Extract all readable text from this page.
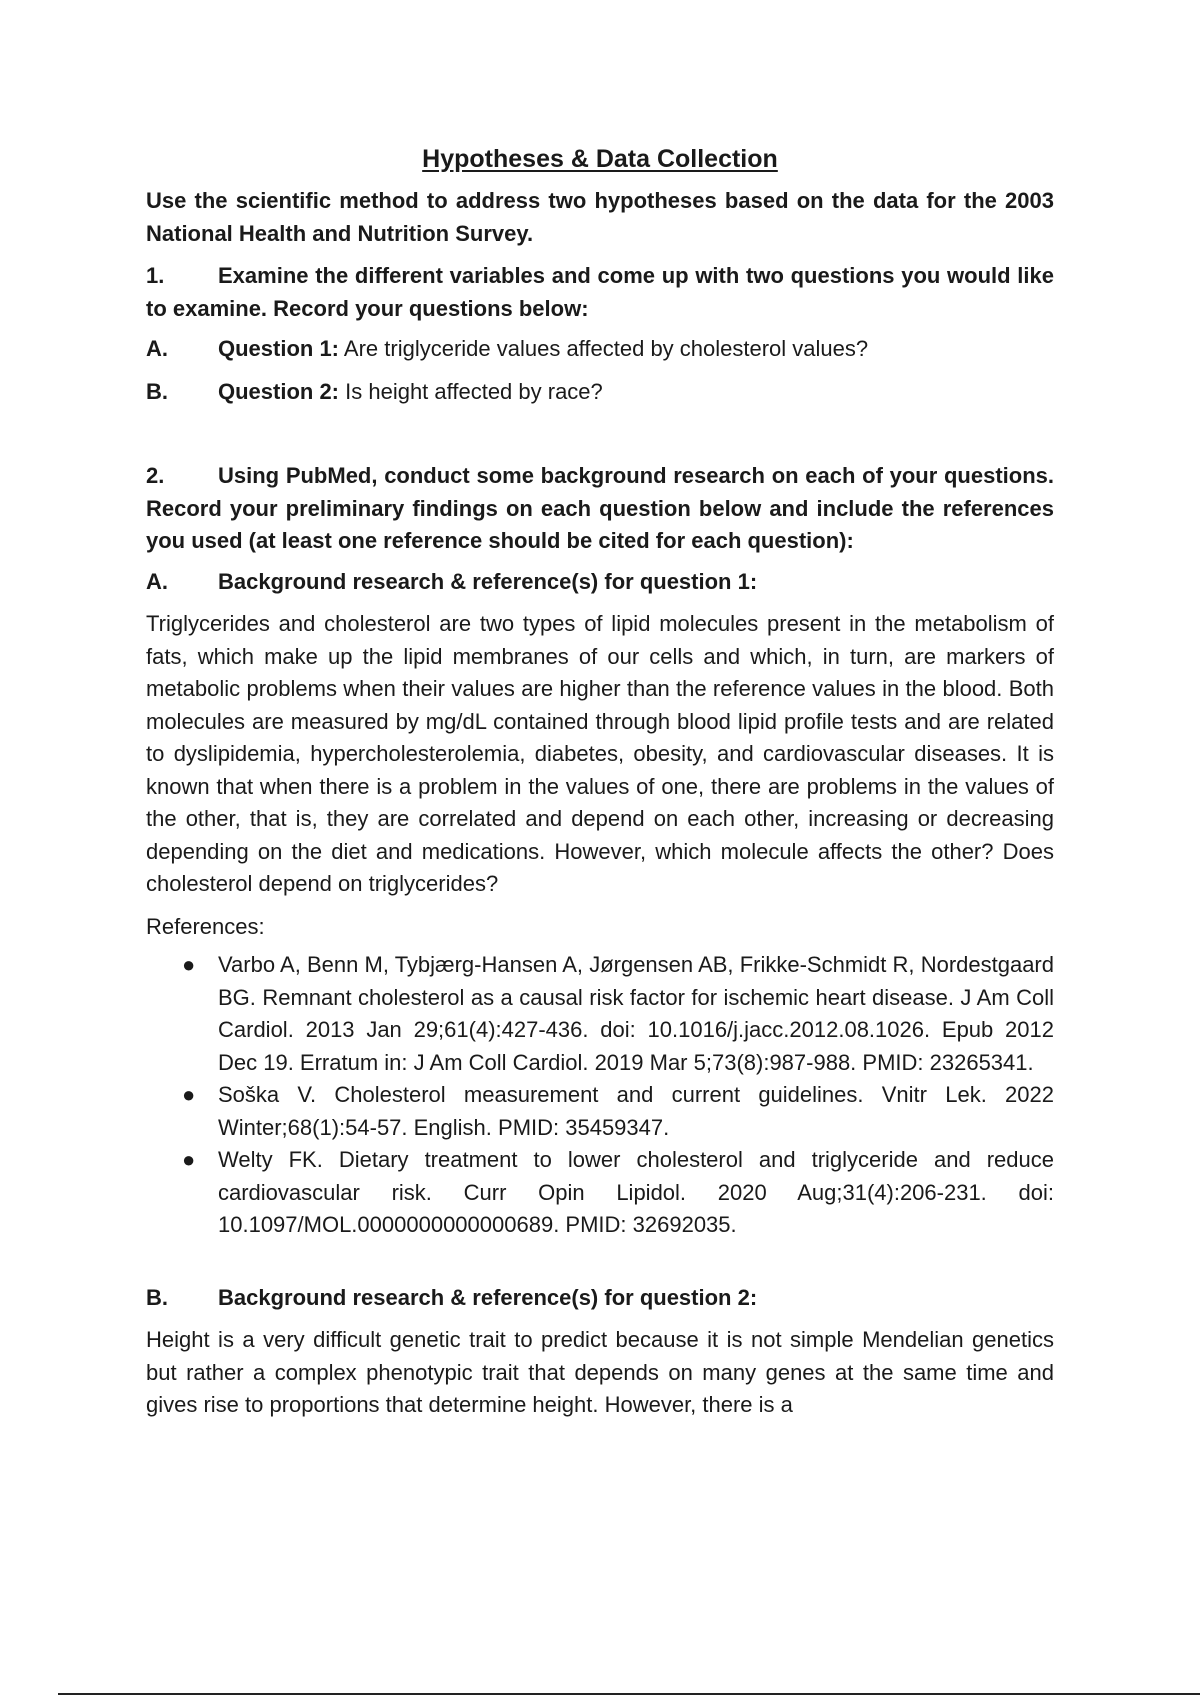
Hypotheses & Data Collection

Use the scientific method to address two hypotheses based on the data for the 2003 National Health and Nutrition Survey.

1. Examine the different variables and come up with two questions you would like to examine. Record your questions below:
A.	Question 1: Are triglyceride values affected by cholesterol values?
B.	Question 2: Is height affected by race?
2. Using PubMed, conduct some background research on each of your questions. Record your preliminary findings on each question below and include the references you used (at least one reference should be cited for each question):
A.	Background research & reference(s) for question 1:

Triglycerides and cholesterol are two types of lipid molecules present in the metabolism of fats, which make up the lipid membranes of our cells and which, in turn, are markers of metabolic problems when their values are higher than the reference values in the blood. Both molecules are measured by mg/dL contained through blood lipid profile tests and are related to dyslipidemia, hypercholesterolemia, diabetes, obesity, and cardiovascular diseases. It is known that when there is a problem in the values of one, there are problems in the values of the other, that is, they are correlated and depend on each other, increasing or decreasing depending on the diet and medications. However, which molecule affects the other? Does cholesterol depend on triglycerides?

References:
● Varbo A, Benn M, Tybjærg-Hansen A, Jørgensen AB, Frikke-Schmidt R, Nordestgaard BG. Remnant cholesterol as a causal risk factor for ischemic heart disease. J Am Coll Cardiol. 2013 Jan 29;61(4):427-436. doi: 10.1016/j.jacc.2012.08.1026. Epub 2012 Dec 19. Erratum in: J Am Coll Cardiol. 2019 Mar 5;73(8):987-988. PMID: 23265341.
● Soška V. Cholesterol measurement and current guidelines. Vnitr Lek. 2022 Winter;68(1):54-57. English. PMID: 35459347.
● Welty FK. Dietary treatment to lower cholesterol and triglyceride and reduce cardiovascular risk. Curr Opin Lipidol. 2020 Aug;31(4):206-231. doi: 10.1097/MOL.0000000000000689. PMID: 32692035.
B.	Background research & reference(s) for question 2:

Height is a very difficult genetic trait to predict because it is not simple Mendelian genetics but rather a complex phenotypic trait that depends on many genes at the same time and gives rise to proportions that determine height. However, there is a
